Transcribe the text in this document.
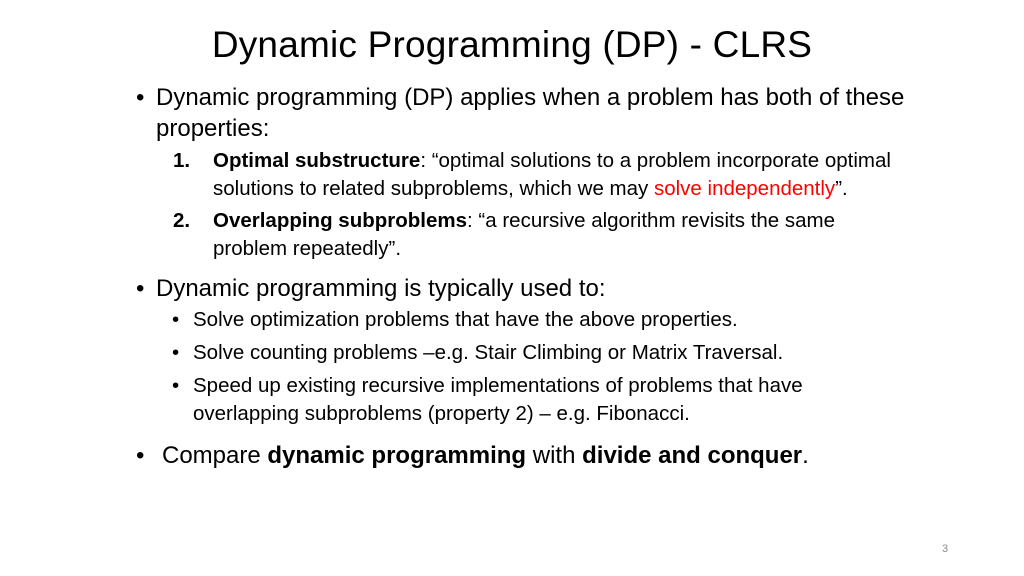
Dynamic Programming (DP) - CLRS

• Dynamic programming (DP) applies when a problem has both of these properties:

1. Optimal substructure: “optimal solutions to a problem incorporate optimal solutions to related subproblems, which we may solve independently”.
2. Overlapping subproblems: “a recursive algorithm revisits the same problem repeatedly”.

• Dynamic programming is typically used to:

• Solve optimization problems that have the above properties.
• Solve counting problems –e.g. Stair Climbing or Matrix Traversal.
• Speed up existing recursive implementations of problems that have overlapping subproblems (property 2) – e.g. Fibonacci.

• Compare dynamic programming with divide and conquer.

3
